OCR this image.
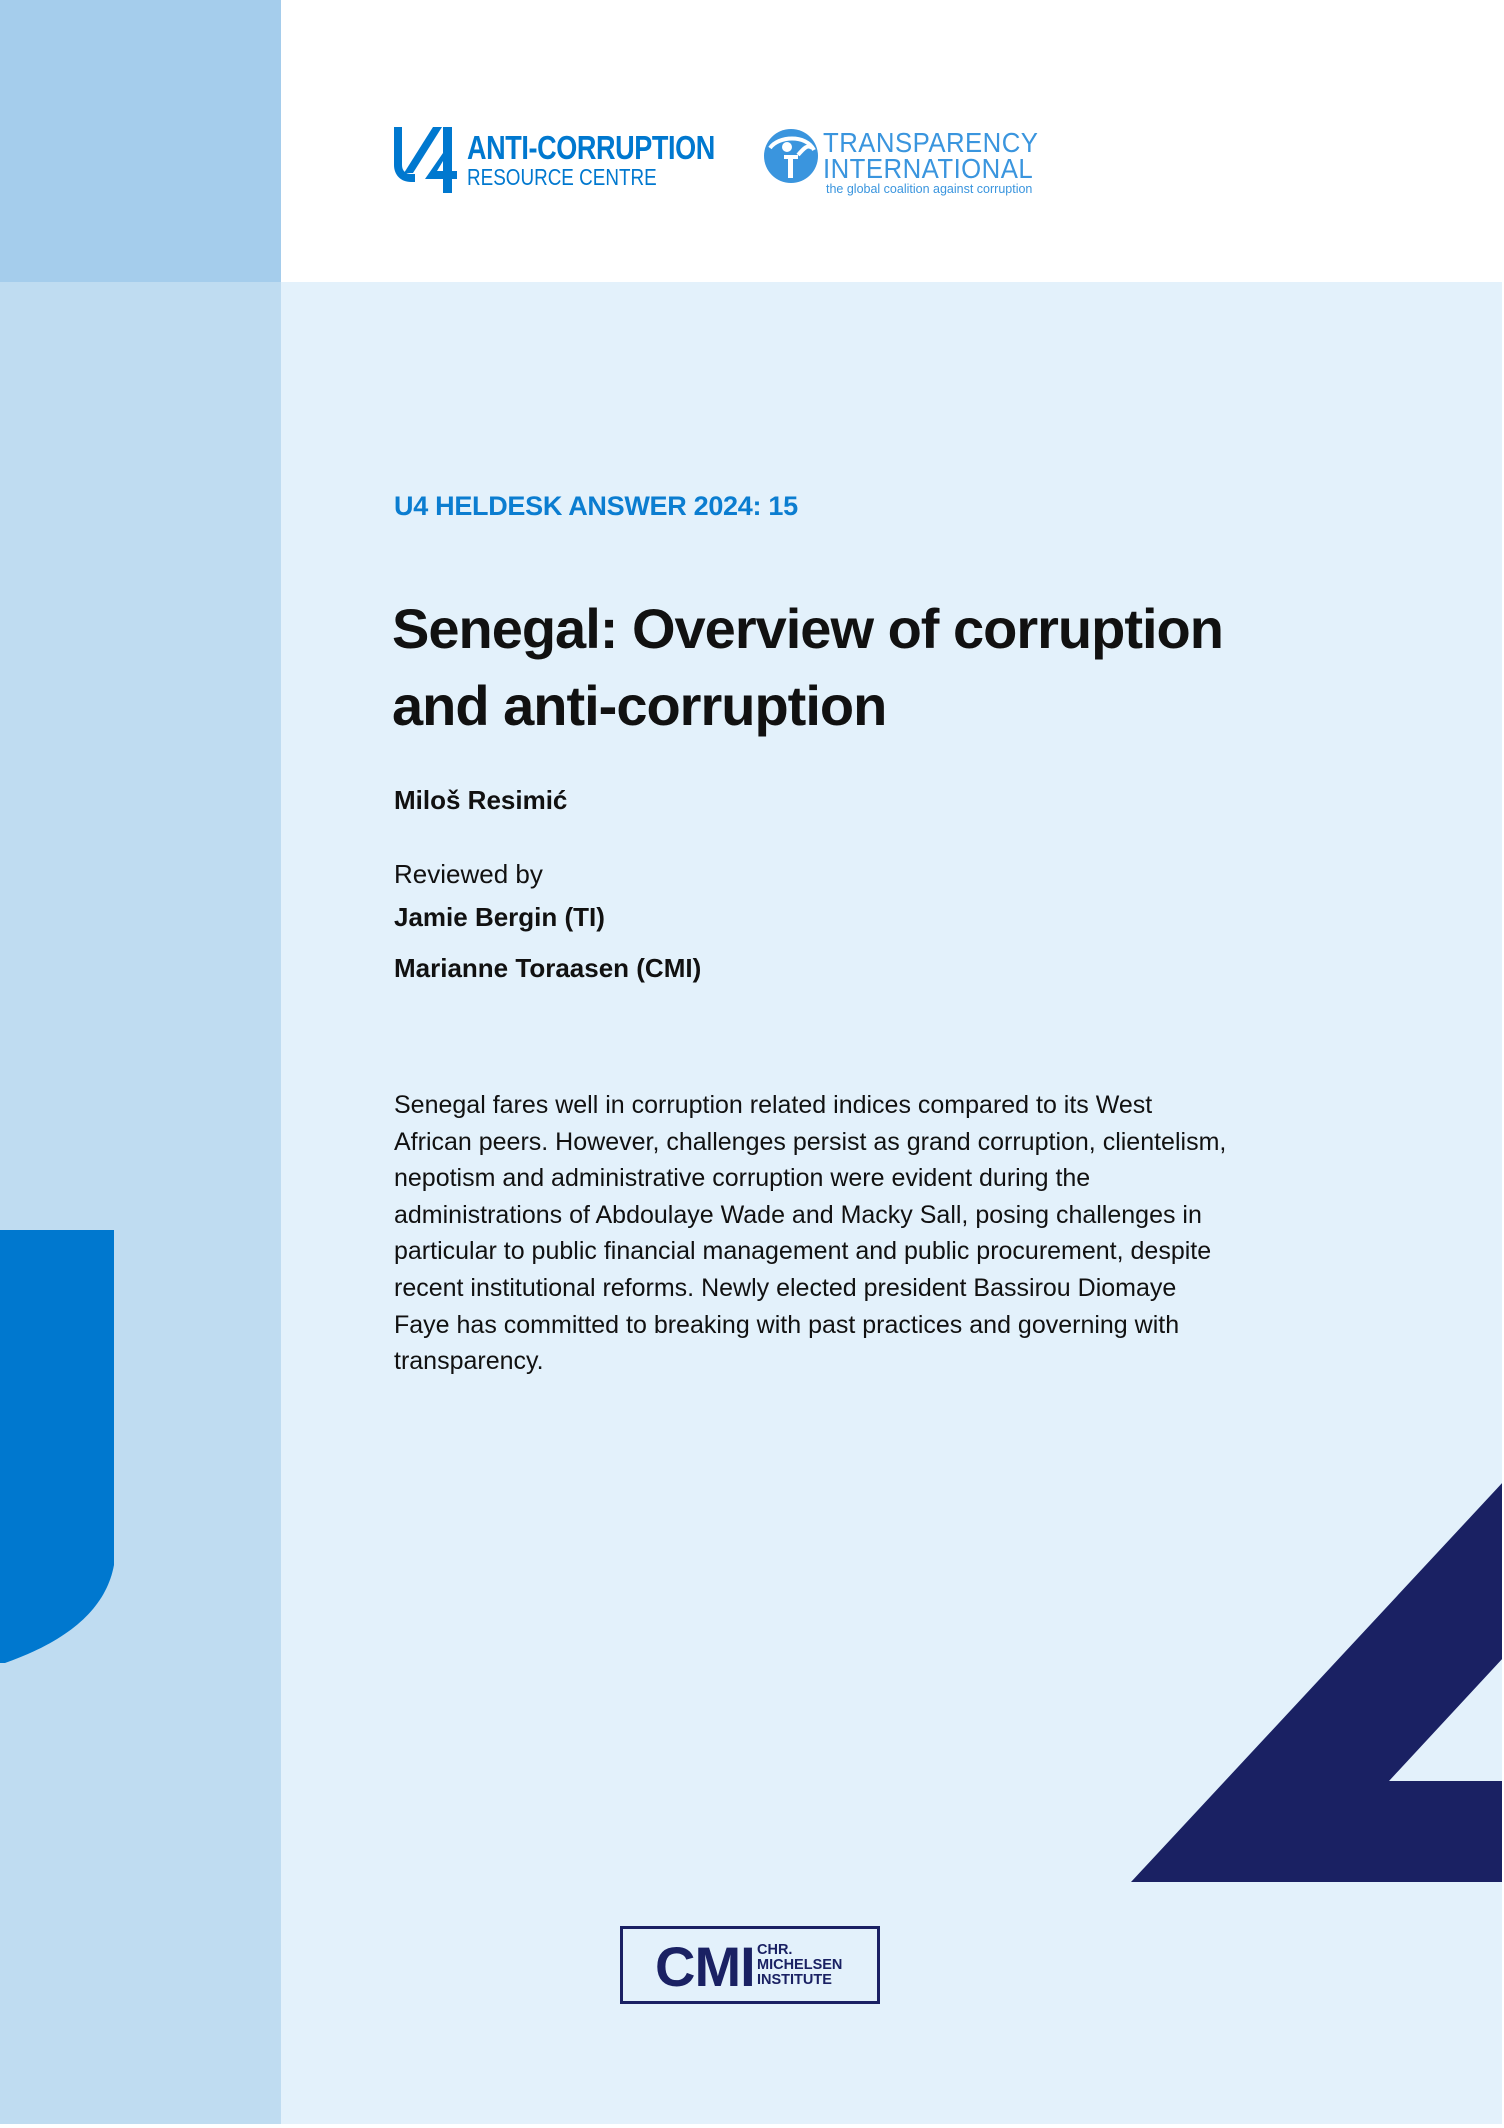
ANTI-CORRUPTION
RESOURCE CENTRE
TRANSPARENCY
INTERNATIONAL
the global coalition against corruption
U4 HELDESK ANSWER 2024: 15
Senegal: Overview of corruption
and anti-corruption
Miloš Resimić
Reviewed by
Jamie Bergin (TI)
Marianne Toraasen (CMI)

Senegal fares well in corruption related indices compared to its West African peers. However, challenges persist as grand corruption, clientelism, nepotism and administrative corruption were evident during the administrations of Abdoulaye Wade and Macky Sall, posing challenges in particular to public financial management and public procurement, despite recent institutional reforms. Newly elected president Bassirou Diomaye Faye has committed to breaking with past practices and governing with transparency.

CMI CHR.
MICHELSEN
INSTITUTE
